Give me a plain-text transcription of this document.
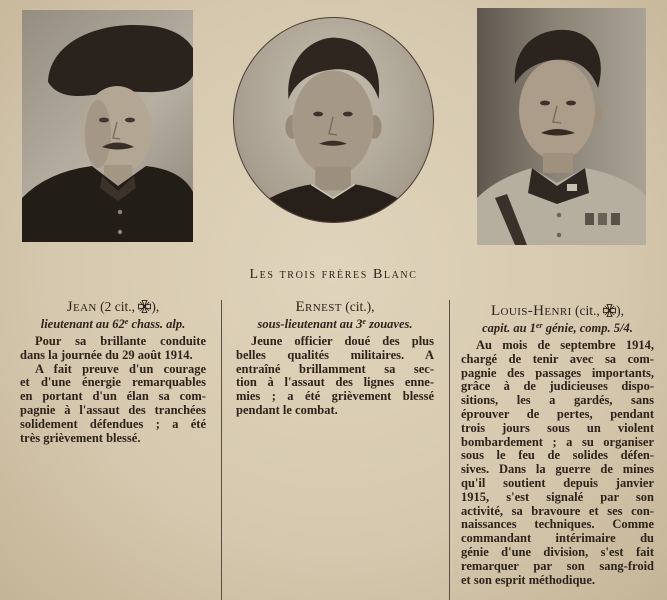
Les trois frères Blanc
Jean (2 cit., ),
lieutenant au 62e chass. alp.
Pour sa brillante conduite
dans la journée du 29 août 1914.
A fait preuve d'un courage
et d'une énergie remarquables
en portant d'un élan sa com-
pagnie à l'assaut des tranchées
solidement défendues ; a été
très grièvement blessé.
Ernest (cit.),
sous-lieutenant au 3e zouaves.
Jeune officier doué des plus
belles qualités militaires. A
entraîné brillamment sa sec-
tion à l'assaut des lignes enne-
mies ; a été grièvement blessé
pendant le combat.
Louis-Henri (cit., ),
capit. au 1er génie, comp. 5/4.
Au mois de septembre 1914,
chargé de tenir avec sa com-
pagnie des passages importants,
grâce à de judicieuses dispo-
sitions, les a gardés, sans
éprouver de pertes, pendant
trois jours sous un violent
bombardement ; a su organiser
sous le feu de solides défen-
sives. Dans la guerre de mines
qu'il soutient depuis janvier
1915, s'est signalé par son
activité, sa bravoure et ses con-
naissances techniques. Comme
commandant intérimaire du
génie d'une division, s'est fait
remarquer par son sang-froid
et son esprit méthodique.
